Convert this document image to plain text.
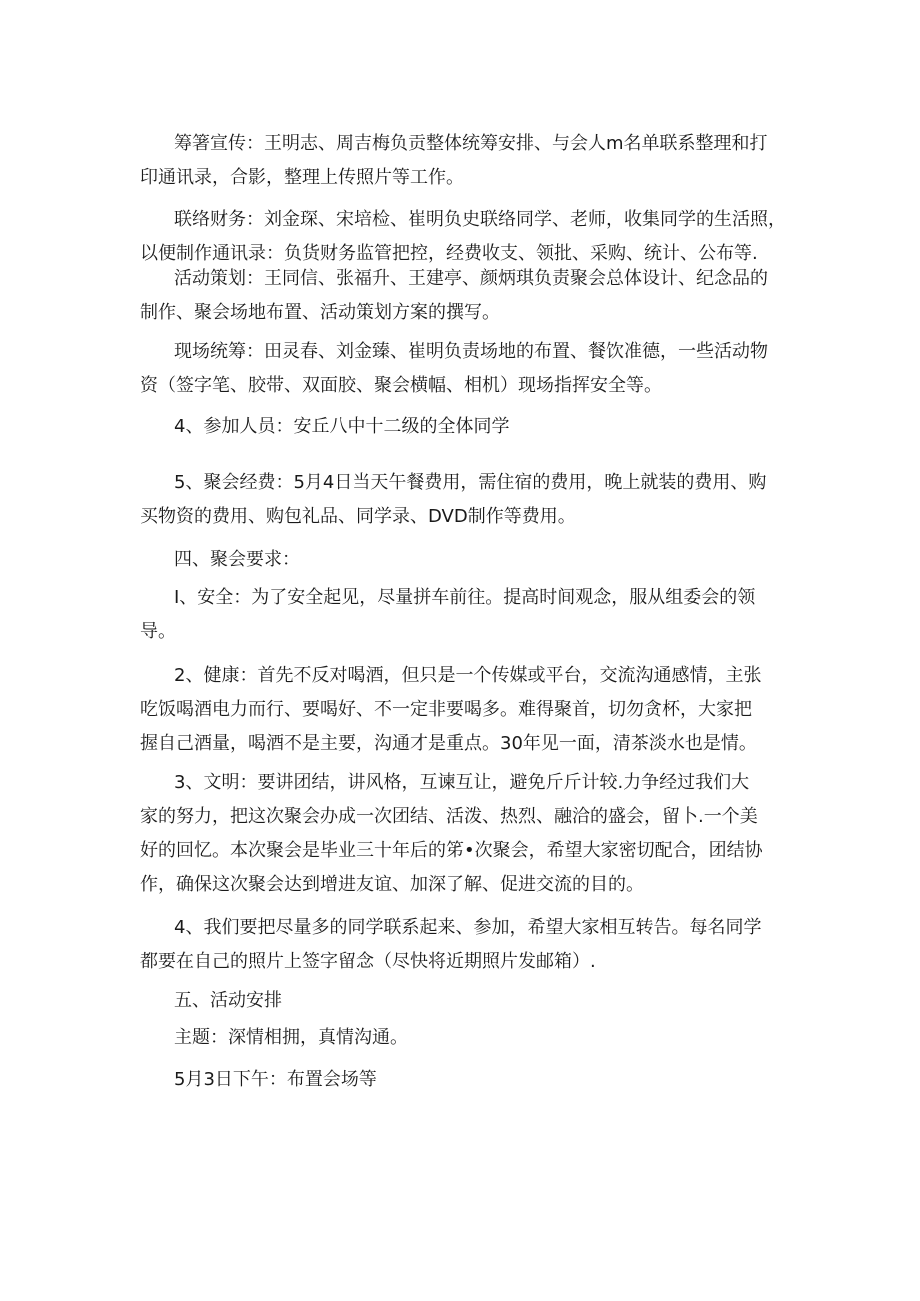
筹箸宣传：王明志、周吉梅负贡整体统筹安排、与会人m名单联系整理和打
印通讯录，合影，整理上传照片等工作。

联络财务：刘金琛、宋培检、崔明负史联络同学、老师，收集同学的生活照，
以便制作通讯录：负货财务监管把控，经费收支、领批、采购、统计、公布等.

活动策划：王同信、张福升、王建亭、颜炳琪负责聚会总体设计、纪念品的
制作、聚会场地布置、活动策划方案的撰写。

现场统筹：田灵春、刘金臻、崔明负责场地的布置、餐饮准德，一些活动物
资（签字笔、胶带、双面胶、聚会横幅、相机）现场指挥安全等。

4、参加人员：安丘八中十二级的全体同学

5、聚会经费：5月4日当天午餐费用，需住宿的费用，晚上就装的费用、购
买物资的费用、购包礼品、同学录、DVD制作等费用。

四、聚会要求：

I、安全：为了安全起见，尽量拼车前往。提高时间观念，服从组委会的领
导。

2、健康：首先不反对喝酒，但只是一个传媒或平台，交流沟通感情，主张
吃饭喝酒电力而行、要喝好、不一定非要喝多。难得聚首，切勿贪杯，大家把
握自己酒量，喝酒不是主要，沟通才是重点。30年见一面，清茶淡水也是情。

3、文明：要讲团结，讲风格，互谏互让，避免斤斤计较.力争经过我们大
家的努力，把这次聚会办成一次团结、活泼、热烈、融洽的盛会，留卜.一个美
好的回忆。本次聚会是毕业三十年后的笫•次聚会，希望大家密切配合，团结协
作，确保这次聚会达到增进友谊、加深了解、促进交流的目的。

4、我们要把尽量多的同学联系起来、参加，希望大家相互转告。每名同学
都要在自己的照片上签字留念（尽快将近期照片发邮箱）.

五、活动安排

主题：深情相拥，真情沟通。

5月3日下午：布置会场等
